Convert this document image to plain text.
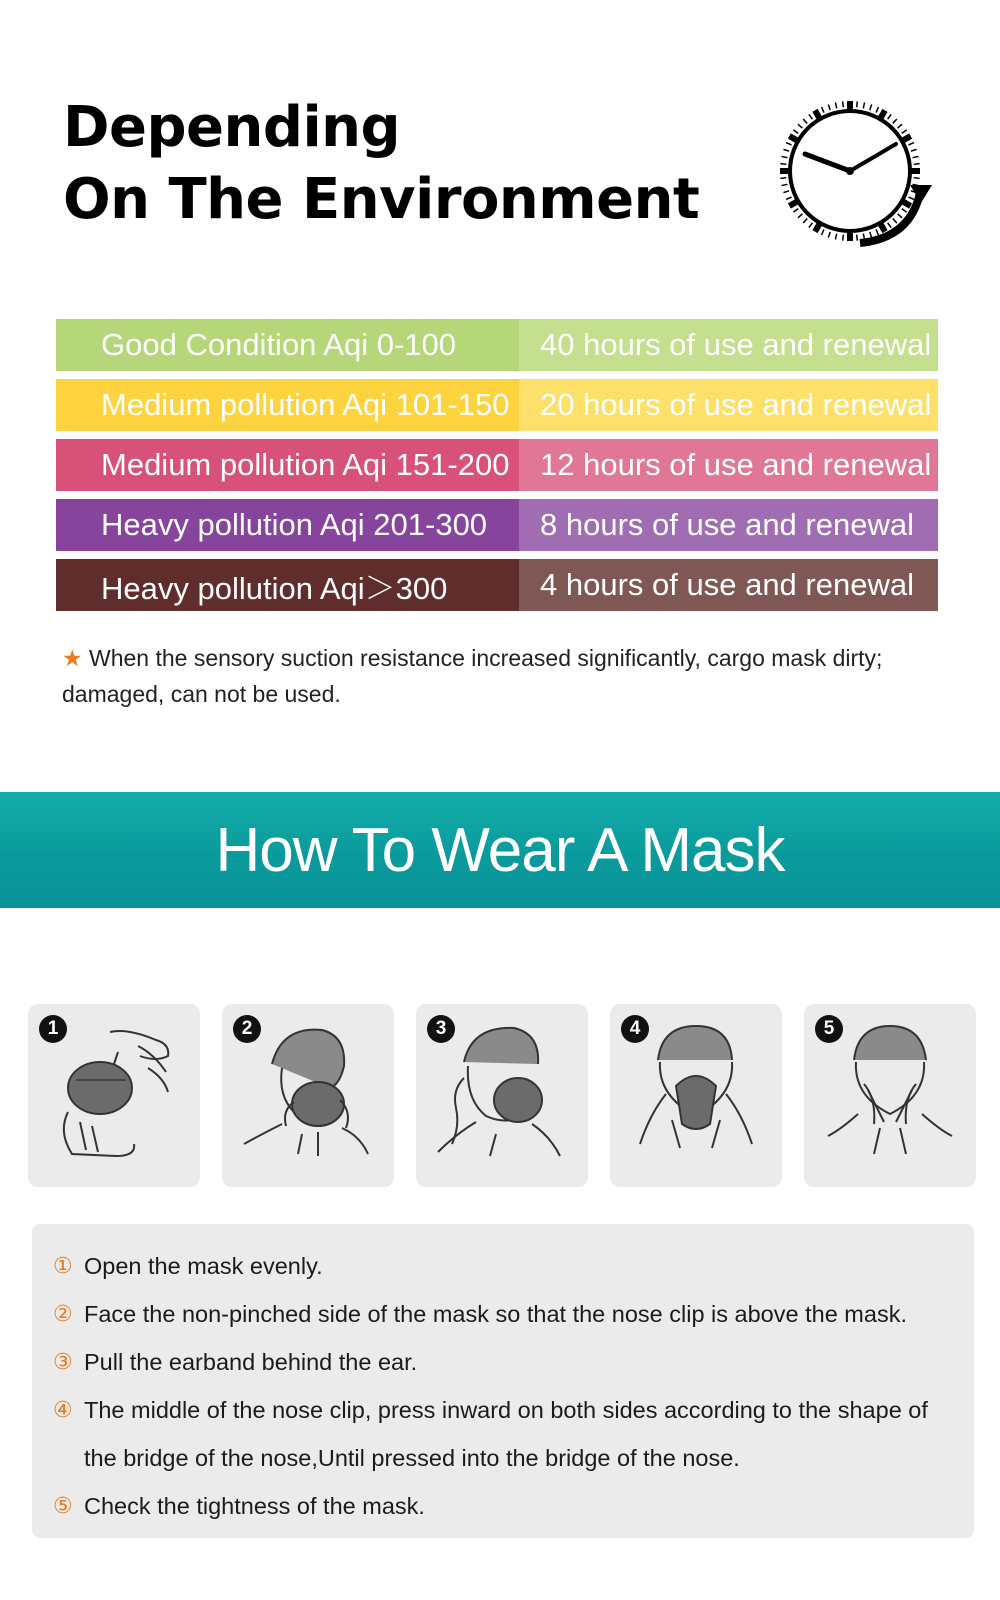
Depending
On The Environment
Good Condition Aqi 0-100	40 hours of use and renewal
Medium pollution Aqi 101-150 20 hours of use and renewal
Medium pollution Aqi 151-200 12 hours of use and renewal
Heavy pollution Aqi 201-300	8 hours of use and renewal
Heavy pollution Aqi＞300	4 hours of use and renewal

★ When the sensory suction resistance increased significantly, cargo mask dirty; damaged, can not be used.

How To Wear A Mask
1	2	3	4	5
① Open the mask evenly.
② Face the non-pinched side of the mask so that the nose clip is above the mask.
③ Pull the earband behind the ear.
④ The middle of the nose clip, press inward on both sides according to the shape of the bridge of the nose,Until pressed into the bridge of the nose.
⑤ Check the tightness of the mask.
